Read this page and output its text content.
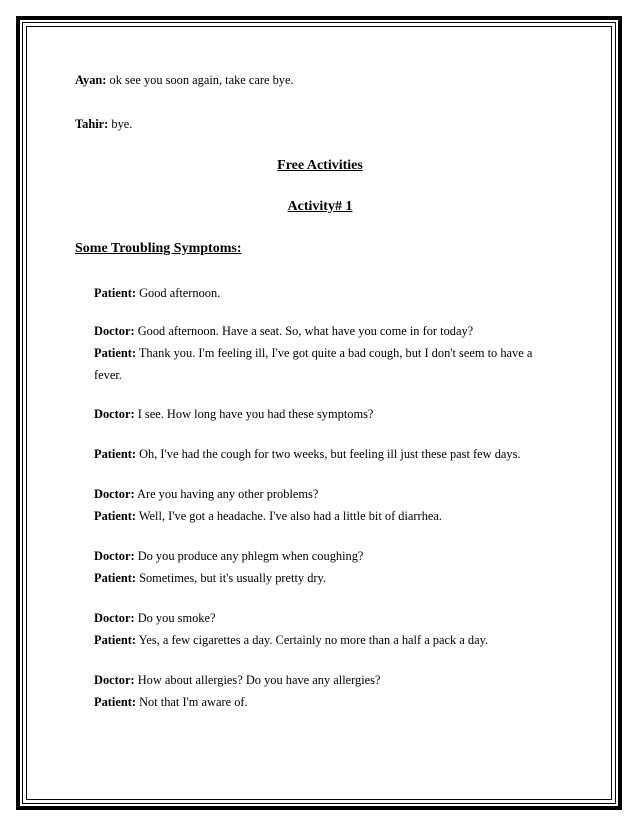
Ayan: ok see you soon again, take care bye.
Tahir: bye.
Free Activities
Activity# 1
Some Troubling Symptoms:
Patient: Good afternoon.
Doctor: Good afternoon. Have a seat. So, what have you come in for today?
Patient: Thank you. I'm feeling ill, I've got quite a bad cough, but I don't seem to have a
fever.
Doctor: I see. How long have you had these symptoms?
Patient: Oh, I've had the cough for two weeks, but feeling ill just these past few days.
Doctor: Are you having any other problems?
Patient: Well, I've got a headache. I've also had a little bit of diarrhea.
Doctor: Do you produce any phlegm when coughing?
Patient: Sometimes, but it's usually pretty dry.
Doctor: Do you smoke?
Patient: Yes, a few cigarettes a day. Certainly no more than a half a pack a day.
Doctor: How about allergies? Do you have any allergies?
Patient: Not that I'm aware of.
